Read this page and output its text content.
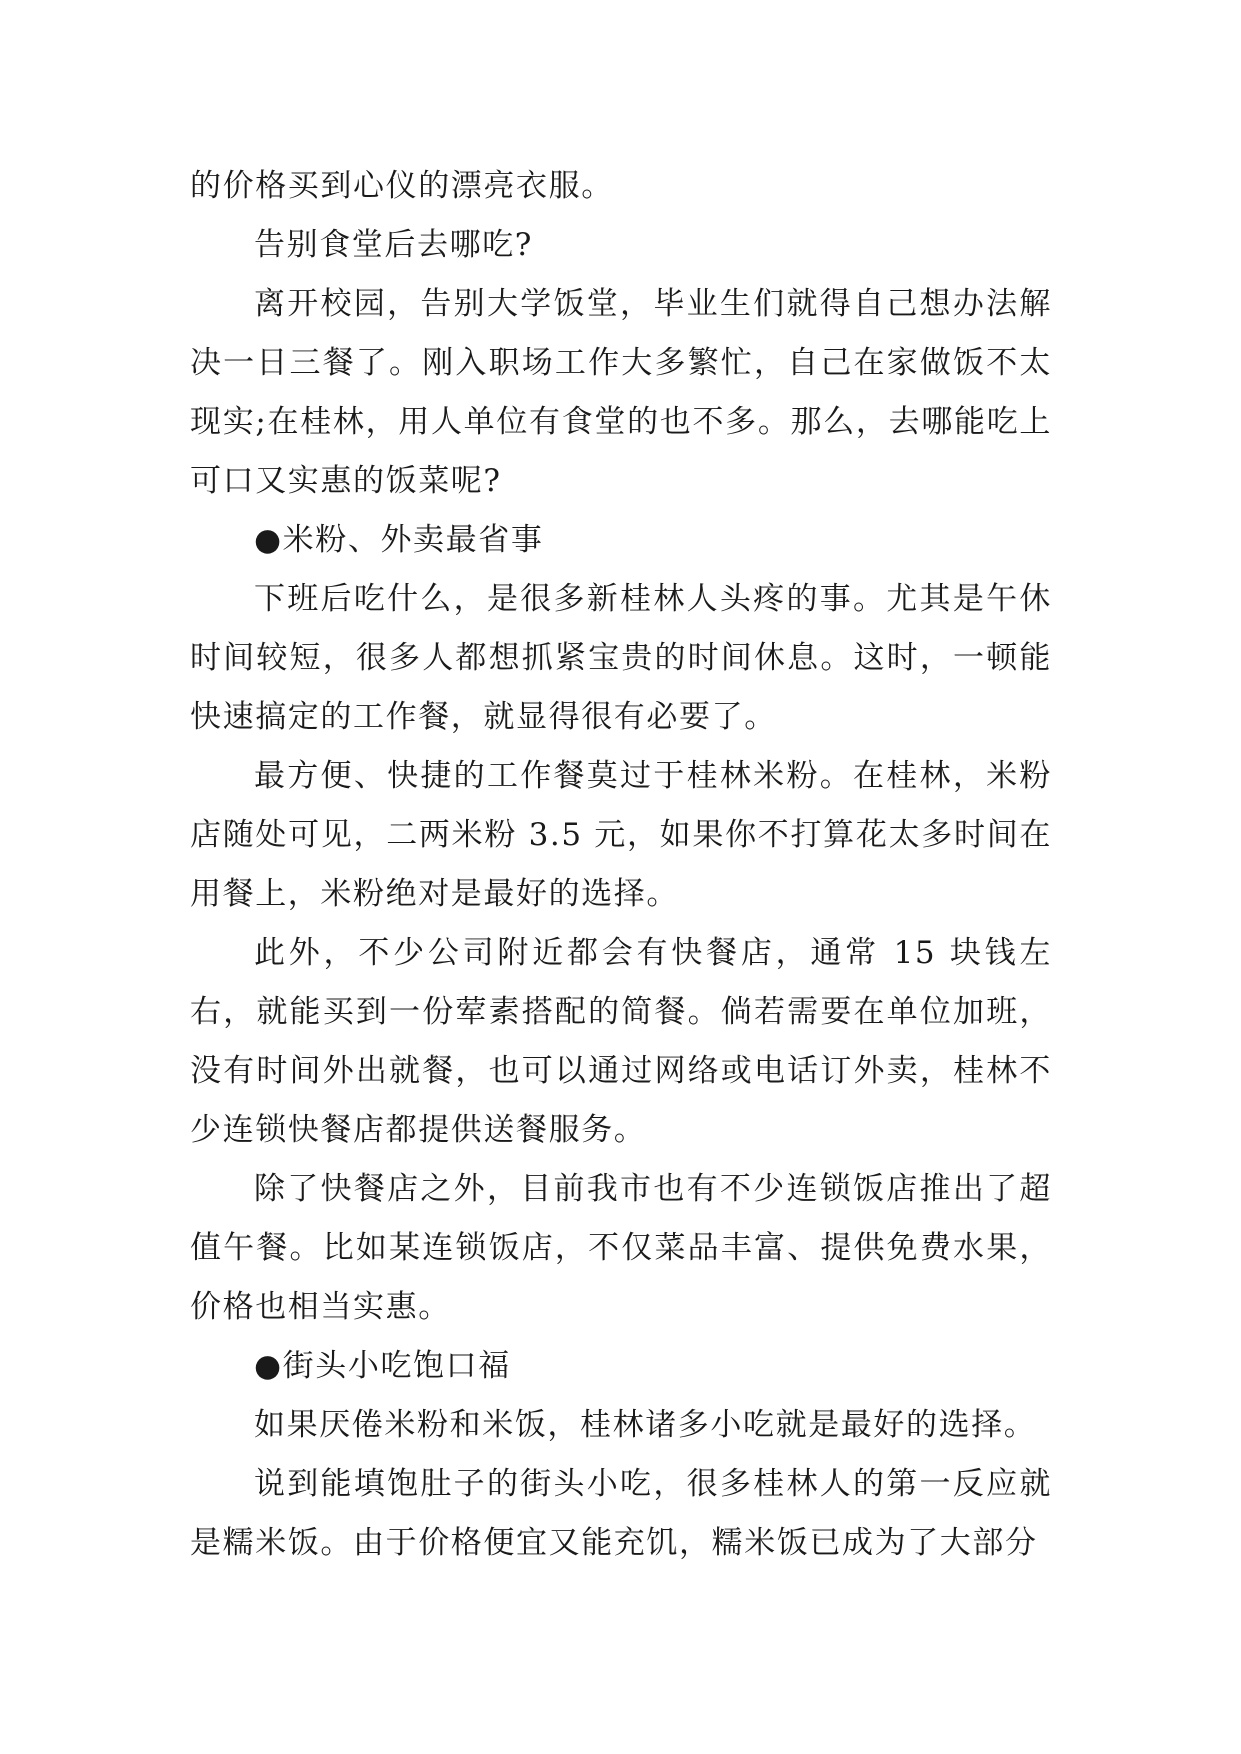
的价格买到心仪的漂亮衣服。

告别食堂后去哪吃?

离开校园，告别大学饭堂，毕业生们就得自己想办法解决一日三餐了。刚入职场工作大多繁忙，自己在家做饭不太现实;在桂林，用人单位有食堂的也不多。那么，去哪能吃上可口又实惠的饭菜呢?

●米粉、外卖最省事

下班后吃什么，是很多新桂林人头疼的事。尤其是午休时间较短，很多人都想抓紧宝贵的时间休息。这时，一顿能快速搞定的工作餐，就显得很有必要了。

最方便、快捷的工作餐莫过于桂林米粉。在桂林，米粉店随处可见，二两米粉 3.5 元，如果你不打算花太多时间在用餐上，米粉绝对是最好的选择。

此外，不少公司附近都会有快餐店，通常 15 块钱左右，就能买到一份荤素搭配的简餐。倘若需要在单位加班，没有时间外出就餐，也可以通过网络或电话订外卖，桂林不少连锁快餐店都提供送餐服务。

除了快餐店之外，目前我市也有不少连锁饭店推出了超值午餐。比如某连锁饭店，不仅菜品丰富、提供免费水果，价格也相当实惠。

●街头小吃饱口福

如果厌倦米粉和米饭，桂林诸多小吃就是最好的选择。

说到能填饱肚子的街头小吃，很多桂林人的第一反应就是糯米饭。由于价格便宜又能充饥，糯米饭已成为了大部分
